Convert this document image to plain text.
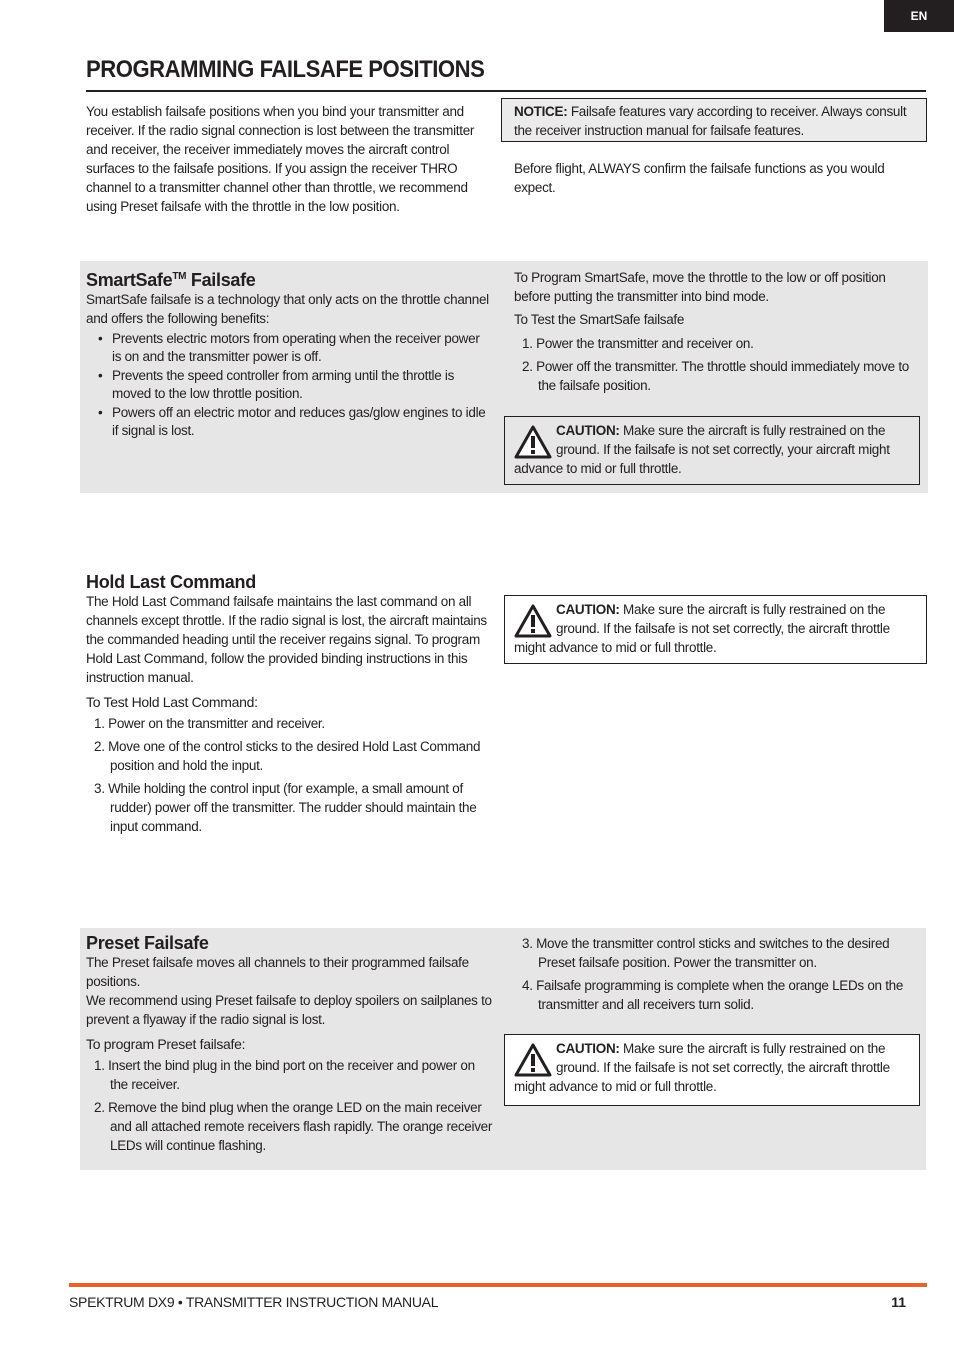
EN
PROGRAMMING FAILSAFE POSITIONS

You establish failsafe positions when you bind your transmitter and receiver. If the radio signal connection is lost between the transmitter and receiver, the receiver immediately moves the aircraft control surfaces to the failsafe positions. If you assign the receiver THRO channel to a transmitter channel other than throttle, we recommend using Preset failsafe with the throttle in the low position.

NOTICE: Failsafe features vary according to receiver. Always consult the receiver instruction manual for failsafe features.

Before flight, ALWAYS confirm the failsafe functions as you would expect.

SmartSafe™ Failsafe

SmartSafe failsafe is a technology that only acts on the throttle channel and offers the following benefits:

• Prevents electric motors from operating when the receiver power is on and the transmitter power is off.
• Prevents the speed controller from arming until the throttle is moved to the low throttle position.
• Powers off an electric motor and reduces gas/glow engines to idle if signal is lost.

To Program SmartSafe, move the throttle to the low or off position before putting the transmitter into bind mode.

To Test the SmartSafe failsafe

1. Power the transmitter and receiver on.
2. Power off the transmitter. The throttle should immediately move to the failsafe position.
CAUTION: Make sure the aircraft is fully restrained on the ground. If the failsafe is not set correctly, your aircraft might advance to mid or full throttle.
Hold Last Command

The Hold Last Command failsafe maintains the last command on all channels except throttle. If the radio signal is lost, the aircraft maintains the commanded heading until the receiver regains signal. To program Hold Last Command, follow the provided binding instructions in this instruction manual.

To Test Hold Last Command:

1. Power on the transmitter and receiver.
2. Move one of the control sticks to the desired Hold Last Command position and hold the input.
3. While holding the control input (for example, a small amount of rudder) power off the transmitter. The rudder should maintain the input command.
CAUTION: Make sure the aircraft is fully restrained on the ground. If the failsafe is not set correctly, the aircraft throttle might advance to mid or full throttle.
Preset Failsafe

The Preset failsafe moves all channels to their programmed failsafe positions.

We recommend using Preset failsafe to deploy spoilers on sailplanes to prevent a flyaway if the radio signal is lost.

To program Preset failsafe:

1. Insert the bind plug in the bind port on the receiver and power on the receiver.
2. Remove the bind plug when the orange LED on the main receiver and all attached remote receivers flash rapidly. The orange receiver LEDs will continue flashing.
3. Move the transmitter control sticks and switches to the desired Preset failsafe position. Power the transmitter on.
4. Failsafe programming is complete when the orange LEDs on the transmitter and all receivers turn solid.
CAUTION: Make sure the aircraft is fully restrained on the ground. If the failsafe is not set correctly, the aircraft throttle might advance to mid or full throttle.
SPEKTRUM DX9 • TRANSMITTER INSTRUCTION MANUAL	11
